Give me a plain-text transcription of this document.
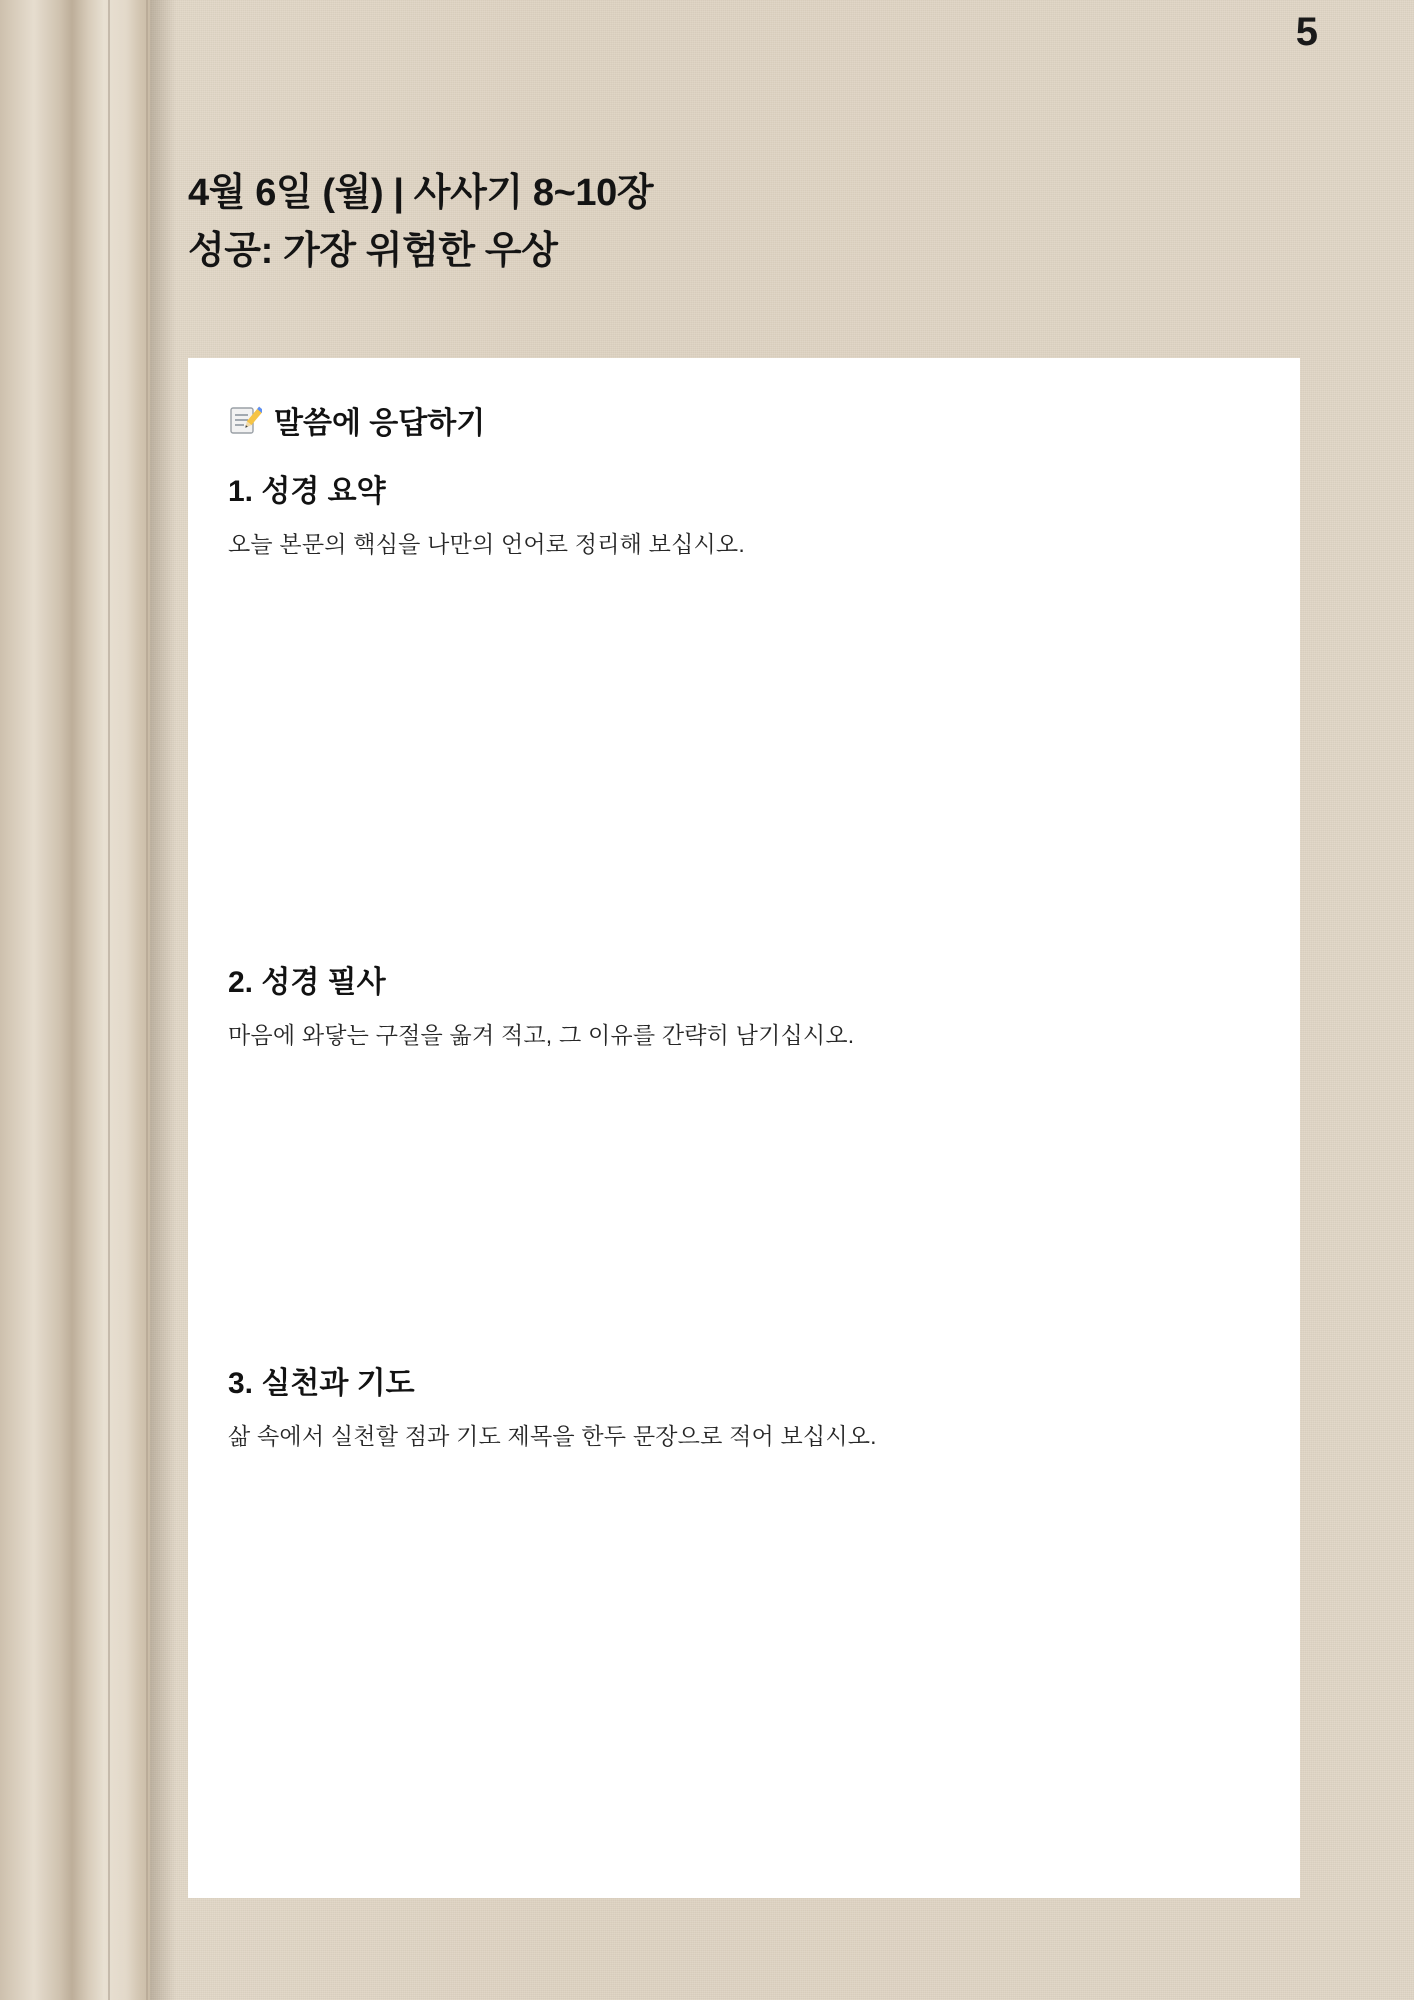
5
4월 6일 (월) | 사사기 8~10장
성공: 가장 위험한 우상
말씀에 응답하기
1. 성경 요약
오늘 본문의 핵심을 나만의 언어로 정리해 보십시오.
2. 성경 필사
마음에 와닿는 구절을 옮겨 적고, 그 이유를 간략히 남기십시오.
3. 실천과 기도
삶 속에서 실천할 점과 기도 제목을 한두 문장으로 적어 보십시오.
